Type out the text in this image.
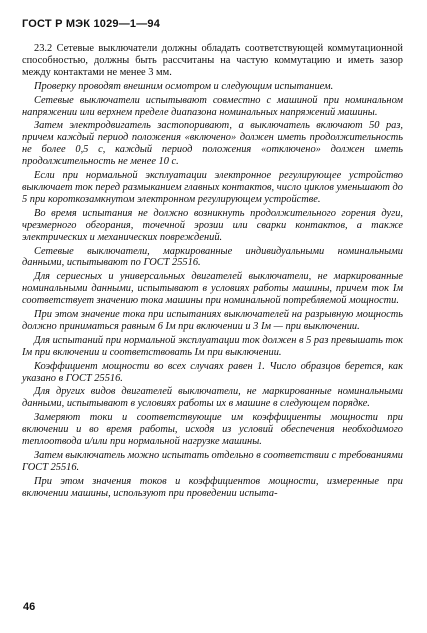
ГОСТ Р МЭК 1029—1—94

23.2 Сетевые выключатели должны обладать соответствующей коммутационной способностью, должны быть рассчитаны на частую коммутацию и иметь зазор между контактами не менее 3 мм.

Проверку проводят внешним осмотром и следующим испытанием.

Сетевые выключатели испытывают совместно с машиной при номинальном напряжении или верхнем пределе диапазона номинальных напряжений машины.

Затем электродвигатель застопоривают, а выключатель включают 50 раз, причем каждый период положения «включено» должен иметь продолжительность не более 0,5 с, каждый период положения «отключено» должен иметь продолжительность не менее 10 с.

Если при нормальной эксплуатации электронное регулирующее устройство выключает ток перед размыканием главных контактов, число циклов уменьшают до 5 при короткозамкнутом электронном регулирующем устройстве.

Во время испытания не должно возникнуть продолжительного горения дуги, чрезмерного обгорания, точечной эрозии или сварки контактов, а также электрических и механических повреждений.

Сетевые выключатели, маркированные индивидуальными номинальными данными, испытывают по ГОСТ 25516.

Для сериесных и универсальных двигателей выключатели, не маркированные номинальными данными, испытывают в условиях работы машины, причем ток Iм соответствует значению тока машины при номинальной потребляемой мощности.

При этом значение тока при испытаниях выключателей на разрывную мощность должно приниматься равным 6 Iм при включении и 3 Iм — при выключении.

Для испытаний при нормальной эксплуатации ток должен в 5 раз превышать ток Iм при включении и соответствовать Iм при выключении.

Коэффициент мощности во всех случаях равен 1. Число образцов берется, как указано в ГОСТ 25516.

Для других видов двигателей выключатели, не маркированные номинальными данными, испытывают в условиях работы их в машине в следующем порядке.

Замеряют токи и соответствующие им коэффициенты мощности при включении и во время работы, исходя из условий обеспечения необходимого теплоотвода и/или при нормальной нагрузке машины.

Затем выключатель можно испытать отдельно в соответствии с требованиями ГОСТ 25516.

При этом значения токов и коэффициентов мощности, измеренные при включении машины, используют при проведении испыта-

46
